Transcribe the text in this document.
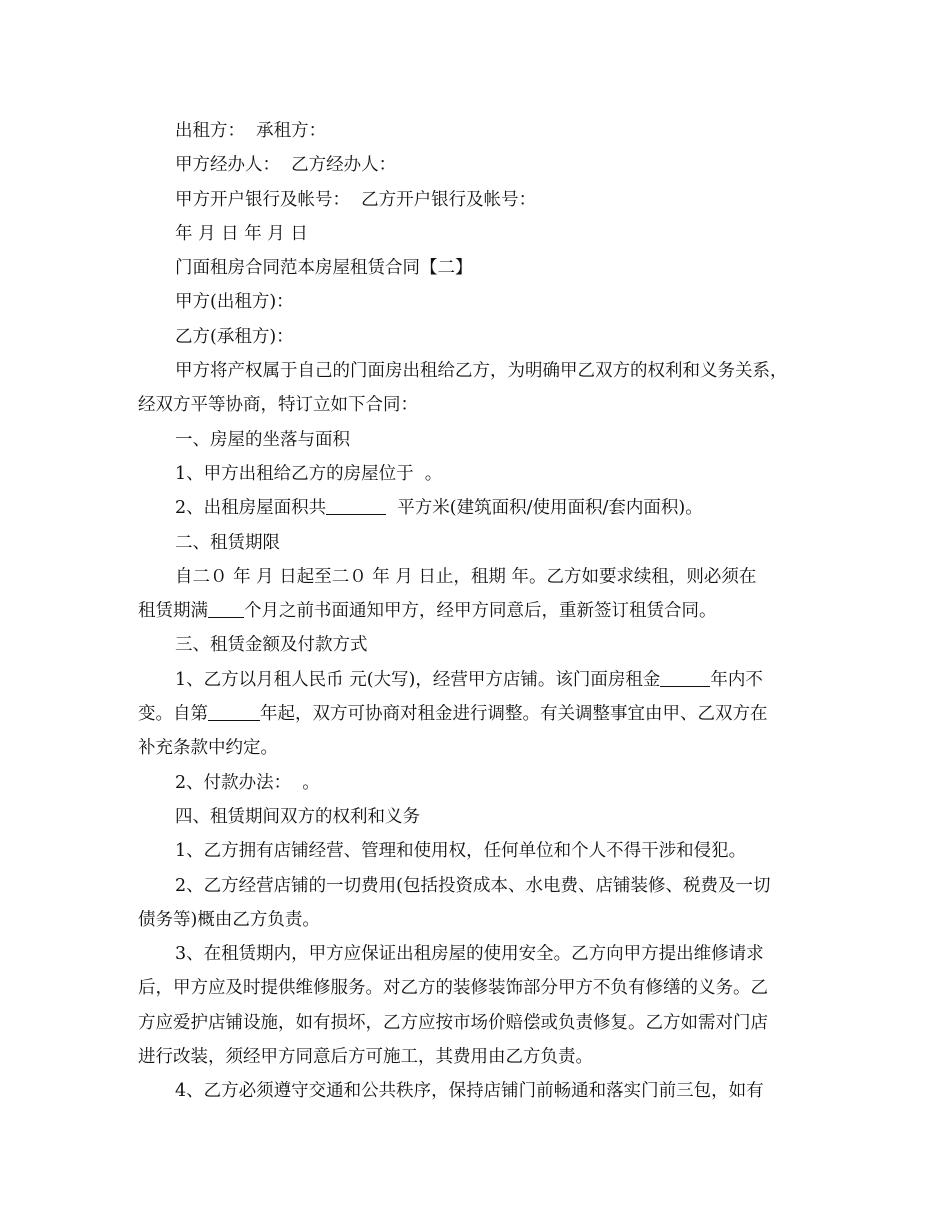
出租方：  承租方：

甲方经办人：  乙方经办人：

甲方开户银行及帐号：  乙方开户银行及帐号：

年 月 日 年 月 日

门面租房合同范本房屋租赁合同【二】

甲方(出租方)：

乙方(承租方)：

甲方将产权属于自己的门面房出租给乙方，为明确甲乙双方的权利和义务关系，

经双方平等协商，特订立如下合同：

一、房屋的坐落与面积

1、甲方出租给乙方的房屋位于  。

2、出租房屋面积共	平方米(建筑面积/使用面积/套内面积)。

二、租赁期限

自二０ 年 月 日起至二０ 年 月 日止，租期 年。乙方如要求续租，则必须在

租赁期满 个月之前书面通知甲方，经甲方同意后，重新签订租赁合同。

三、租赁金额及付款方式

1、乙方以月租人民币 元(大写)，经营甲方店铺。该门面房租金	年内不

变。自第	年起，双方可协商对租金进行调整。有关调整事宜由甲、乙双方在

补充条款中约定。

2、付款办法：  。

四、租赁期间双方的权利和义务

1、乙方拥有店铺经营、管理和使用权，任何单位和个人不得干涉和侵犯。

2、乙方经营店铺的一切费用(包括投资成本、水电费、店铺装修、税费及一切

债务等)概由乙方负责。

3、在租赁期内，甲方应保证出租房屋的使用安全。乙方向甲方提出维修请求

后，甲方应及时提供维修服务。对乙方的装修装饰部分甲方不负有修缮的义务。乙

方应爱护店铺设施，如有损坏，乙方应按市场价赔偿或负责修复。乙方如需对门店

进行改装，须经甲方同意后方可施工，其费用由乙方负责。

4、乙方必须遵守交通和公共秩序，保持店铺门前畅通和落实门前三包，如有
